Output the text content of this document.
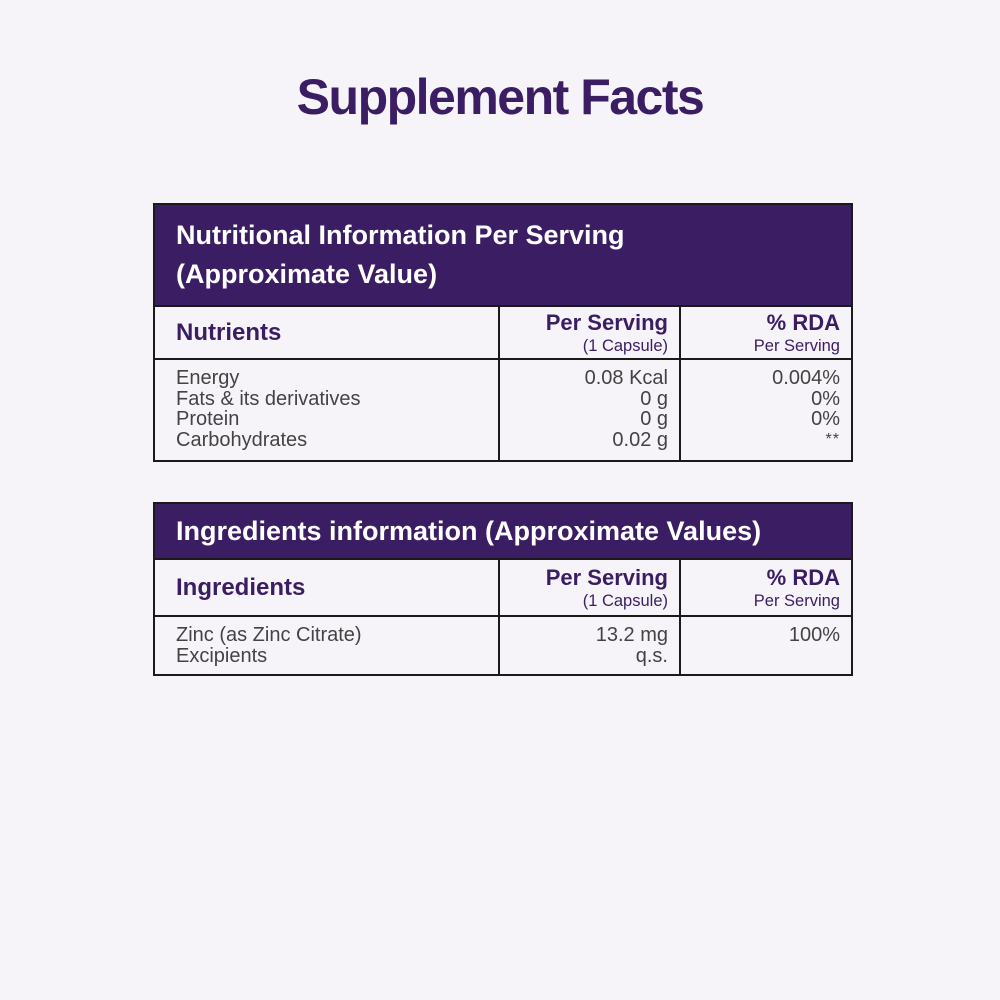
Supplement Facts
Nutritional Information Per Serving
(Approximate Value)
Nutrients	Per Serving
(1 Capsule)
% RDA
Per Serving
Energy
Fats & its derivatives
Protein
Carbohydrates
0.08 Kcal
0 g
0 g
0.02 g
0.004%
0%
0%
**
Ingredients information (Approximate Values)
Ingredients	Per Serving
(1 Capsule)
% RDA
Per Serving
Zinc (as Zinc Citrate)
Excipients
13.2 mg
q.s.
100%
